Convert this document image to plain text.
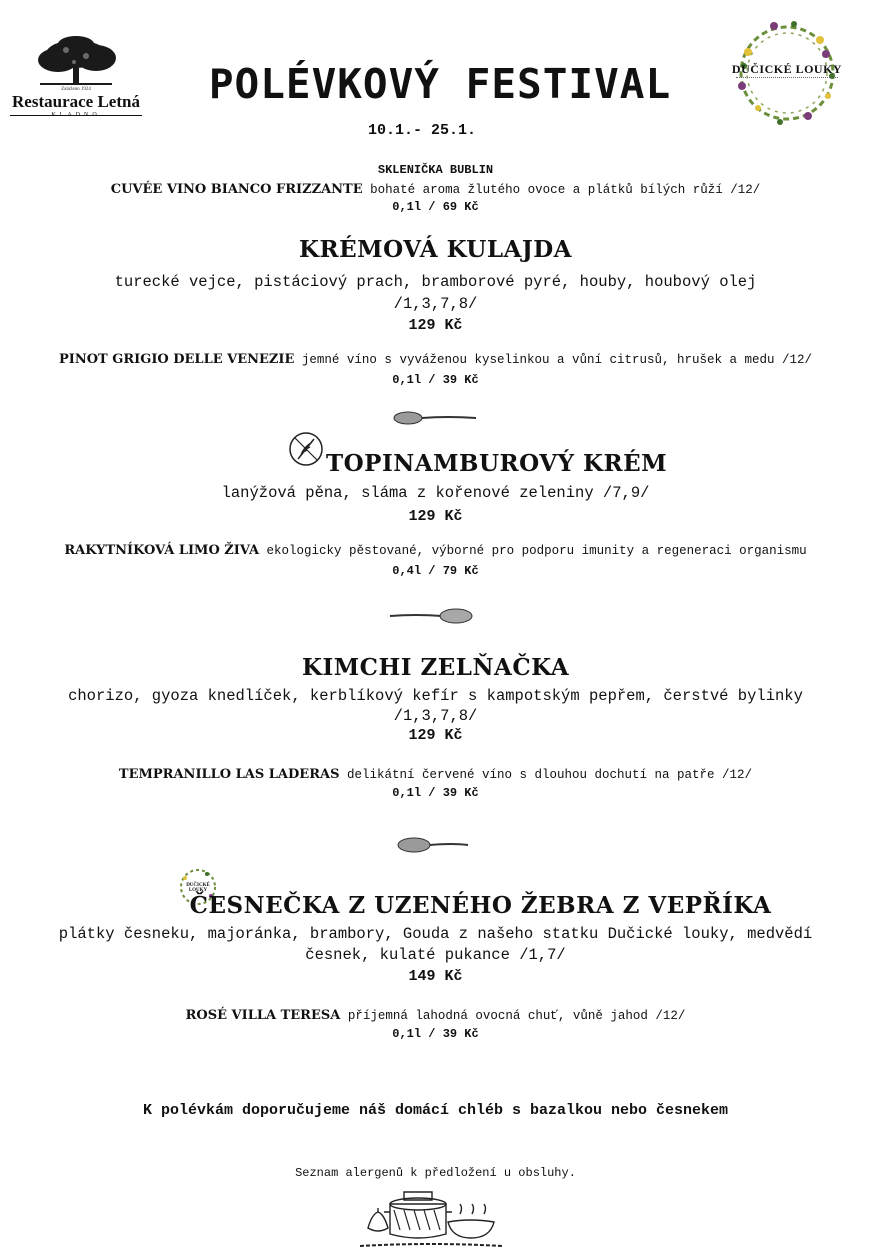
Založeno 1924
Restaurace Letná
KLADNO
POLÉVKOVÝ FESTIVAL	DUČICKÉ LOUKY
10.1.- 25.1.
SKLENIČKA BUBLIN
CUVÉE VINO BIANCO FRIZZANTE bohaté aroma žlutého ovoce a plátků bílých růží /12/
0,1l / 69 Kč
KRÉMOVÁ KULAJDA
turecké vejce, pistáciový prach, bramborové pyré, houby, houbový olej
/1,3,7,8/
129 Kč
PINOT GRIGIO DELLE VENEZIE jemné víno s vyváženou kyselinkou a vůní citrusů, hrušek a medu /12/
0,1l / 39 Kč
TOPINAMBUROVÝ KRÉM
lanýžová pěna, sláma z kořenové zeleniny /7,9/
129 Kč
RAKYTNÍKOVÁ LIMO ŽIVA ekologicky pěstované, výborné pro podporu imunity a regeneraci organismu
0,4l / 79 Kč
KIMCHI ZELŇAČKA
chorizo, gyoza knedlíček, kerblíkový kefír s kampotským pepřem, čerstvé bylinky
/1,3,7,8/
129 Kč
TEMPRANILLO LAS LADERAS delikátní červené víno s dlouhou dochutí na patře /12/
0,1l / 39 Kč
DUČICKÉ LOUKY
ČESNEČKA Z UZENÉHO ŽEBRA Z VEPŘÍKA
plátky česneku, majoránka, brambory, Gouda z našeho statku Dučické louky, medvědí
česnek, kulaté pukance /1,7/
149 Kč
ROSÉ VILLA TERESA příjemná lahodná ovocná chuť, vůně jahod /12/
0,1l / 39 Kč
K polévkám doporučujeme náš domácí chléb s bazalkou nebo česnekem
Seznam alergenů k předložení u obsluhy.
